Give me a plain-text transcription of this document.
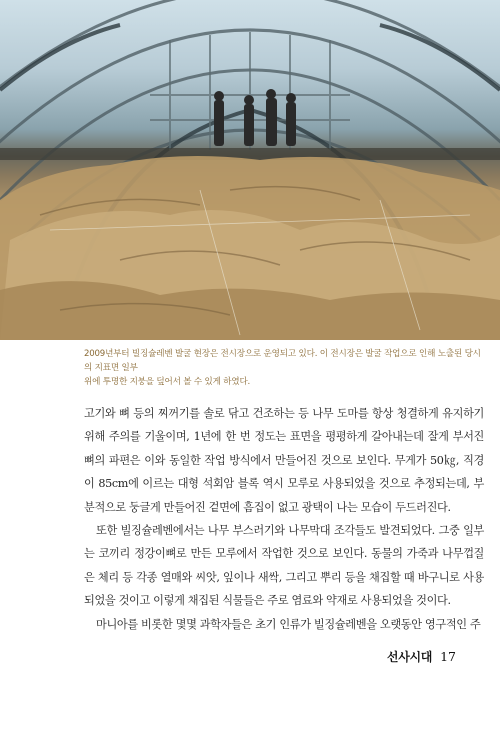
2009년부터 빌징슐레벤 발굴 현장은 전시장으로 운영되고 있다. 이 전시장은 발굴 작업으로 인해 노출된 당시의 지표면 일부
위에 투명한 지붕을 덮어서 볼 수 있게 하였다.

고기와 뼈 등의 찌꺼기를 솔로 닦고 건조하는 등 나무 도마를 항상 청결하게 유지하기 위해 주의를 기울이며, 1년에 한 번 정도는 표면을 평평하게 갈아내는데 잘게 부서진 뼈의 파편은 이와 동일한 작업 방식에서 만들어진 것으로 보인다. 무게가 50㎏, 직경이 85cm에 이르는 대형 석회암 블록 역시 모루로 사용되었을 것으로 추정되는데, 부분적으로 둥글게 만들어진 겉면에 흠집이 없고 광택이 나는 모습이 두드러진다.

또한 빌징슐레벤에서는 나무 부스러기와 나무막대 조각들도 발견되었다. 그중 일부는 코끼리 정강이뼈로 만든 모루에서 작업한 것으로 보인다. 동물의 가죽과 나무껍질은 체리 등 각종 열매와 씨앗, 잎이나 새싹, 그리고 뿌리 등을 채집할 때 바구니로 사용되었을 것이고 이렇게 채집된 식물들은 주로 염료와 약재로 사용되었을 것이다.

마니아를 비롯한 몇몇 과학자들은 초기 인류가 빌징슐레벤을 오랫동안 영구적인 주

선사시대 17
